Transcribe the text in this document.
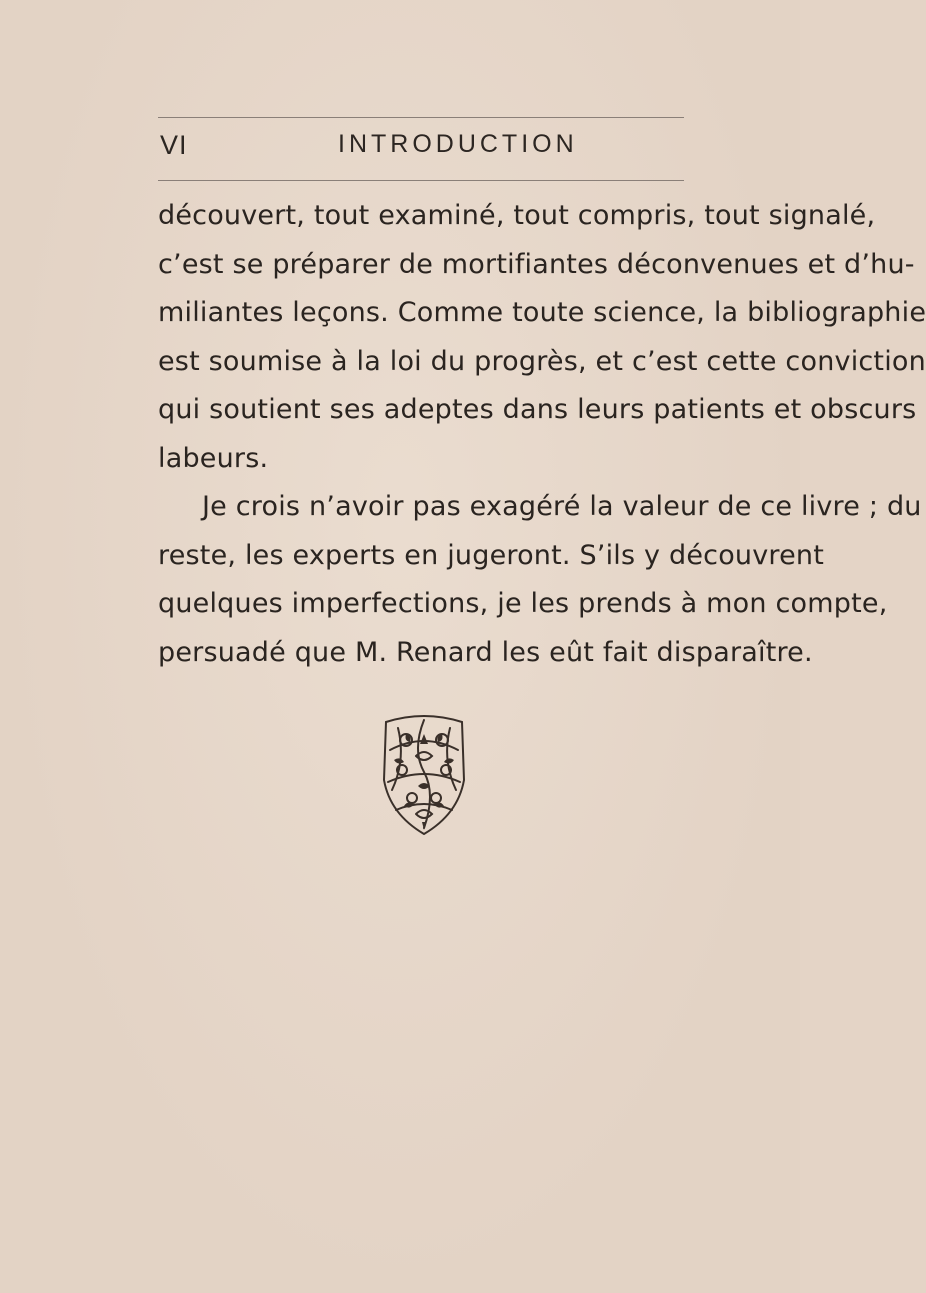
VI	INTRODUCTION
découvert, tout examiné, tout compris, tout signalé,
c’est se préparer de mortifiantes déconvenues et d’hu-
miliantes leçons. Comme toute science, la bibliographie
est soumise à la loi du progrès, et c’est cette conviction
qui soutient ses adeptes dans leurs patients et obscurs
labeurs.
Je crois n’avoir pas exagéré la valeur de ce livre ; du
reste, les experts en jugeront. S’ils y découvrent
quelques imperfections, je les prends à mon compte,
persuadé que M. Renard les eût fait disparaître.
